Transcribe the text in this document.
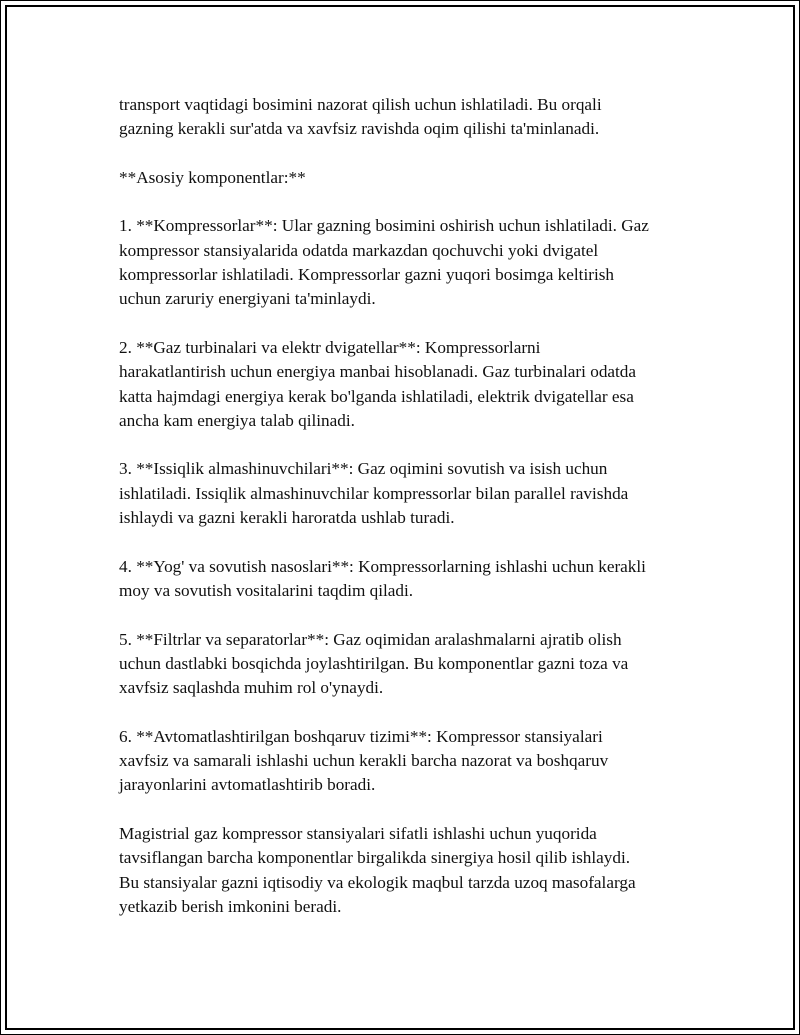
transport vaqtidagi bosimini nazorat qilish uchun ishlatiladi. Bu orqali
gazning kerakli sur'atda va xavfsiz ravishda oqim qilishi ta'minlanadi.

**Asosiy komponentlar:**

1. **Kompressorlar**: Ular gazning bosimini oshirish uchun ishlatiladi. Gaz
kompressor stansiyalarida odatda markazdan qochuvchi yoki dvigatel
kompressorlar ishlatiladi. Kompressorlar gazni yuqori bosimga keltirish
uchun zaruriy energiyani ta'minlaydi.

2. **Gaz turbinalari va elektr dvigatellar**: Kompressorlarni
harakatlantirish uchun energiya manbai hisoblanadi. Gaz turbinalari odatda
katta hajmdagi energiya kerak bo'lganda ishlatiladi, elektrik dvigatellar esa
ancha kam energiya talab qilinadi.

3. **Issiqlik almashinuvchilari**: Gaz oqimini sovutish va isish uchun
ishlatiladi. Issiqlik almashinuvchilar kompressorlar bilan parallel ravishda
ishlaydi va gazni kerakli haroratda ushlab turadi.

4. **Yog' va sovutish nasoslari**: Kompressorlarning ishlashi uchun kerakli
moy va sovutish vositalarini taqdim qiladi.

5. **Filtrlar va separatorlar**: Gaz oqimidan aralashmalarni ajratib olish
uchun dastlabki bosqichda joylashtirilgan. Bu komponentlar gazni toza va
xavfsiz saqlashda muhim rol o'ynaydi.

6. **Avtomatlashtirilgan boshqaruv tizimi**: Kompressor stansiyalari
xavfsiz va samarali ishlashi uchun kerakli barcha nazorat va boshqaruv
jarayonlarini avtomatlashtirib boradi.

Magistrial gaz kompressor stansiyalari sifatli ishlashi uchun yuqorida
tavsiflangan barcha komponentlar birgalikda sinergiya hosil qilib ishlaydi.
Bu stansiyalar gazni iqtisodiy va ekologik maqbul tarzda uzoq masofalarga
yetkazib berish imkonini beradi.
